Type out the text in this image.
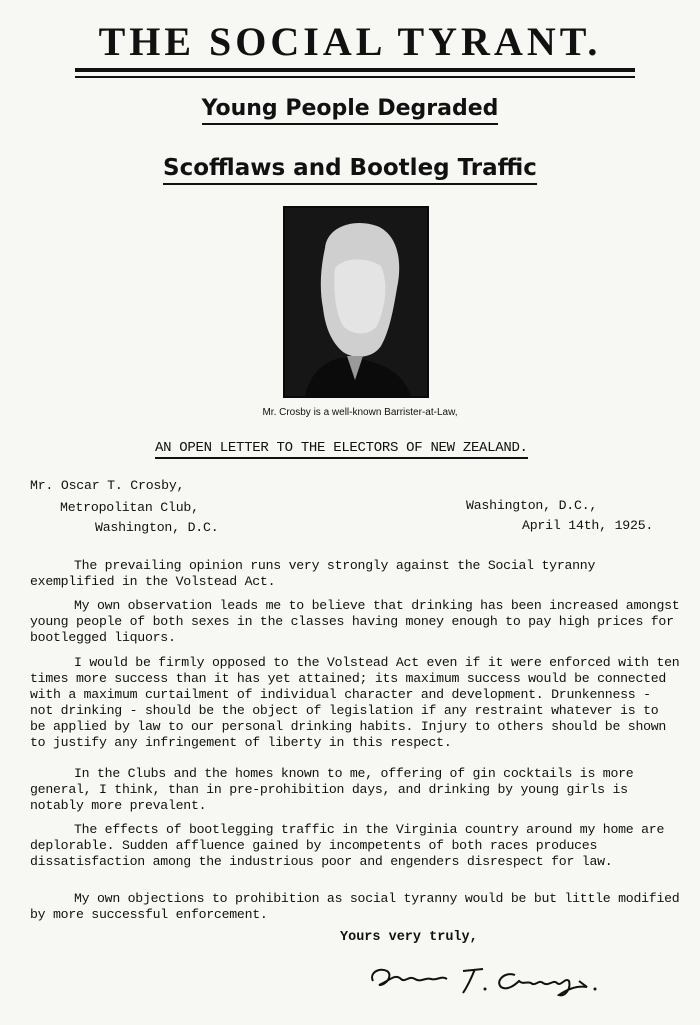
THE SOCIAL TYRANT.
Young People Degraded
Scofflaws and Bootleg Traffic
Mr. Crosby is a well-known Barrister-at-Law,
AN OPEN LETTER TO THE ELECTORS OF NEW ZEALAND.
Mr. Oscar T. Crosby,
Metropolitan Club,
Washington, D.C.
Washington, D.C.,
April 14th, 1925.
The prevailing opinion runs very strongly against the Social tyranny exemplified in the Volstead Act.
My own observation leads me to believe that drinking has been increased amongst young people of both sexes in the classes having money enough to pay high prices for bootlegged liquors.
I would be firmly opposed to the Volstead Act even if it were enforced with ten times more success than it has yet attained; its maximum success would be connected with a maximum curtailment of individual character and development. Drunkenness - not drinking - should be the object of legislation if any restraint whatever is to be applied by law to our personal drinking habits. Injury to others should be shown to justify any infringement of liberty in this respect.
In the Clubs and the homes known to me, offering of gin cocktails is more general, I think, than in pre-prohibition days, and drinking by young girls is notably more prevalent.
The effects of bootlegging traffic in the Virginia country around my home are deplorable. Sudden affluence gained by incompetents of both races produces dissatisfaction among the industrious poor and engenders disrespect for law.
My own objections to prohibition as social tyranny would be but little modified by more successful enforcement.
Yours very truly,
